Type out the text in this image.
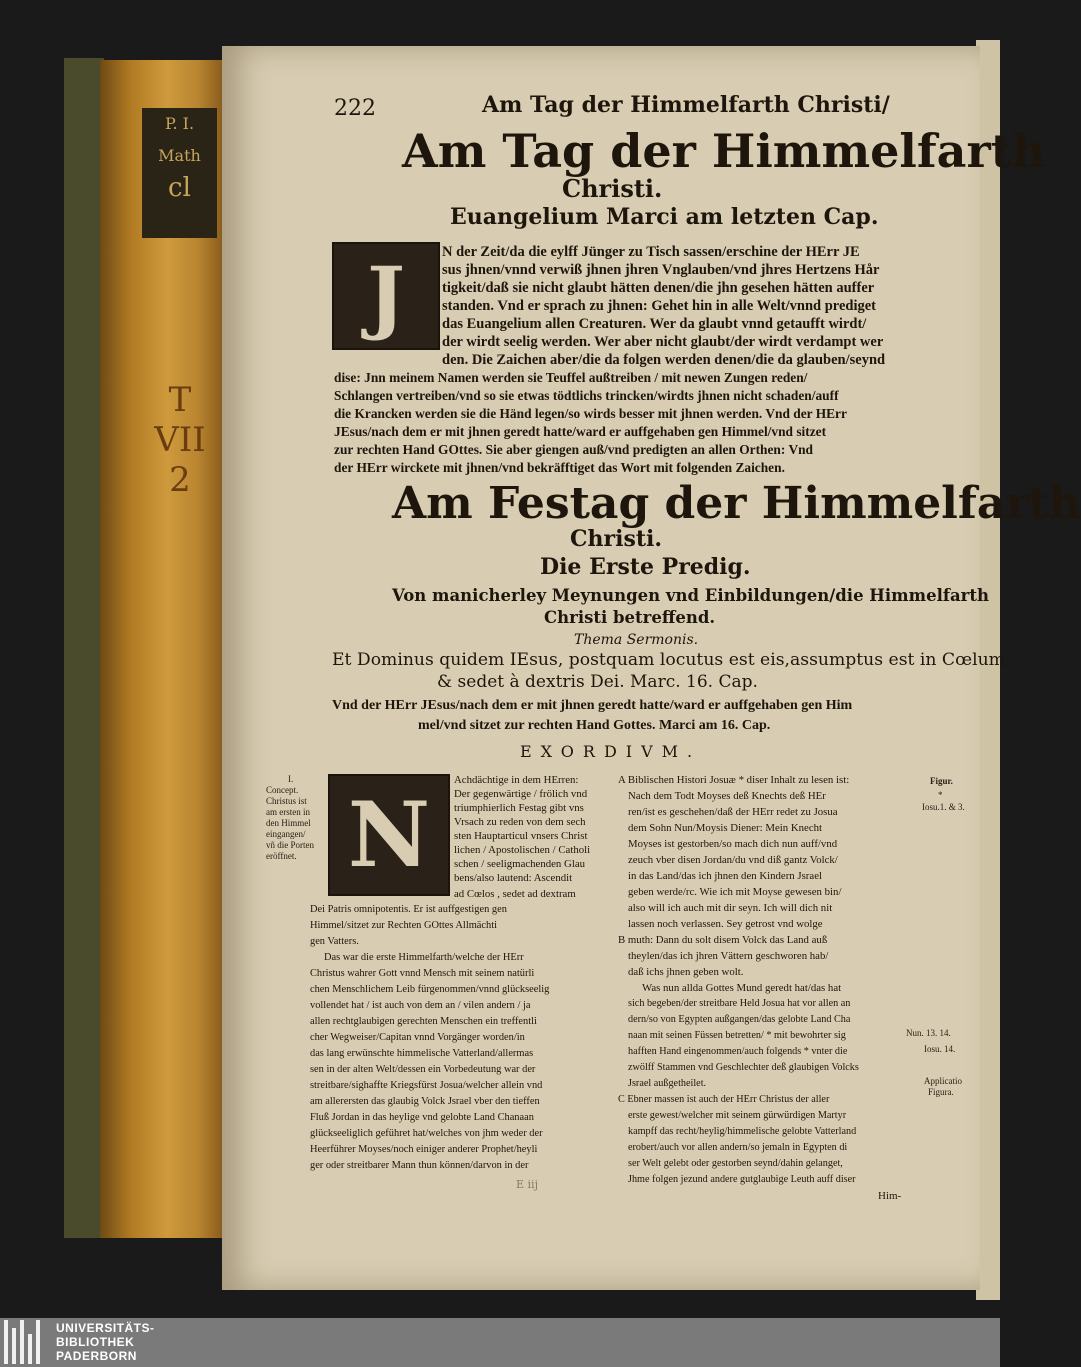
P. I. Math
cl
T VII
2
222	Am Tag der Himmelfarth Christi/
Am Tag der Himmelfarth
Christi.
Euangelium Marci am letzten Cap.
J	N der Zeit/da die eylff Jünger zu Tisch sassen/erschine der HErr JE
sus jhnen/vnnd verwiß jhnen jhren Vnglauben/vnd jhres Hertzens Hår
tigkeit/daß sie nicht glaubt hätten denen/die jhn gesehen hätten auffer
standen. Vnd er sprach zu jhnen: Gehet hin in alle Welt/vnnd prediget
das Euangelium allen Creaturen. Wer da glaubt vnnd getaufft wirdt/
der wirdt seelig werden. Wer aber nicht glaubt/der wirdt verdampt wer
den. Die Zaichen aber/die da folgen werden denen/die da glauben/seynd
dise: Jnn meinem Namen werden sie Teuffel außtreiben / mit newen Zungen reden/
Schlangen vertreiben/vnd so sie etwas tödtlichs trincken/wirdts jhnen nicht schaden/auff
die Krancken werden sie die Händ legen/so wirds besser mit jhnen werden. Vnd der HErr
JEsus/nach dem er mit jhnen geredt hatte/ward er auffgehaben gen Himmel/vnd sitzet
zur rechten Hand GOttes. Sie aber giengen auß/vnd predigten an allen Orthen: Vnd
der HErr wirckete mit jhnen/vnd bekräfftiget das Wort mit folgenden Zaichen.
Am Festag der Himmelfarth
Christi.
Die Erste Predig.
Von manicherley Meynungen vnd Einbildungen/die Himmelfarth
Christi betreffend.
Thema Sermonis.
Et Dominus quidem IEsus, postquam locutus est eis,assumptus est in Cœlum,
& sedet à dextris Dei. Marc. 16. Cap.
Vnd der HErr JEsus/nach dem er mit jhnen geredt hatte/ward er auffgehaben gen Him
mel/vnd sitzet zur rechten Hand Gottes. Marci am 16. Cap.
EXORDIVM.
I.
Concept.
Christus ist
am ersten in
den Himmel
eingangen/
vñ die Porten
eröffnet. N
Achdächtige in dem HErren:
Der gegenwärtige / frölich vnd
triumphierlich Festag gibt vns
Vrsach zu reden von dem sech
sten Hauptarticul vnsers Christ
lichen / Apostolischen / Catholi
schen / seeligmachenden Glau
bens/also lautend: Ascendit
ad Cœlos , sedet ad dextram
Dei Patris omnipotentis. Er ist auffgestigen gen
Himmel/sitzet zur Rechten GOttes Allmächti
gen Vatters.
Das war die erste Himmelfarth/welche der HErr
Christus wahrer Gott vnnd Mensch mit seinem natürli
chen Menschlichem Leib fürgenommen/vnnd glückseelig
vollendet hat / ist auch von dem an / vilen andern / ja
allen rechtglaubigen gerechten Menschen ein treffentli
cher Wegweiser/Capitan vnnd Vorgänger worden/in
das lang erwünschte himmelische Vatterland/allermas
sen in der alten Welt/dessen ein Vorbedeutung war der
streitbare/sighaffte Kriegsfürst Josua/welcher allein vnd
am allerersten das glaubig Volck Jsrael vber den tieffen
Fluß Jordan in das heylige vnd gelobte Land Chanaan
glückseeliglich geführet hat/welches von jhm weder der
Heerführer Moyses/noch einiger anderer Prophet/heyli
ger oder streitbarer Mann thun können/darvon in der
A Biblischen Histori Josuæ * diser Inhalt zu lesen ist:
Nach dem Todt Moyses deß Knechts deß HEr
ren/ist es geschehen/daß der HErr redet zu Josua
dem Sohn Nun/Moysis Diener: Mein Knecht
Moyses ist gestorben/so mach dich nun auff/vnd
zeuch vber disen Jordan/du vnd diß gantz Volck/
in das Land/das ich jhnen den Kindern Jsrael
geben werde/rc. Wie ich mit Moyse gewesen bin/
also will ich auch mit dir seyn. Ich will dich nit
lassen noch verlassen. Sey getrost vnd wolge
B muth: Dann du solt disem Volck das Land auß
theylen/das ich jhren Vättern geschworen hab/
daß ichs jhnen geben wolt.
Was nun allda Gottes Mund geredt hat/das hat
sich begeben/der streitbare Held Josua hat vor allen an
dern/so von Egypten außgangen/das gelobte Land Cha
naan mit seinen Füssen betretten/ * mit bewohrter sig
hafften Hand eingenommen/auch folgends * vnter die
zwölff Stammen vnd Geschlechter deß glaubigen Volcks
Jsrael außgetheilet.
C Ebner massen ist auch der HErr Christus der aller
erste gewest/welcher mit seinem gürwürdigen Martyr
kampff das recht/heylig/himmelische gelobte Vatterland
erobert/auch vor allen andern/so jemaln in Egypten di
ser Welt gelebt oder gestorben seynd/dahin gelanget,
Jhme folgen jezund andere gutglaubige Leuth auff diser
Him-
Figur.
*
Iosu.1. & 3.
Nun. 13. 14.
Iosu. 14.
Applicatio
Figura.
E iij
UNIVERSITÄTS-
BIBLIOTHEK
PADERBORN
